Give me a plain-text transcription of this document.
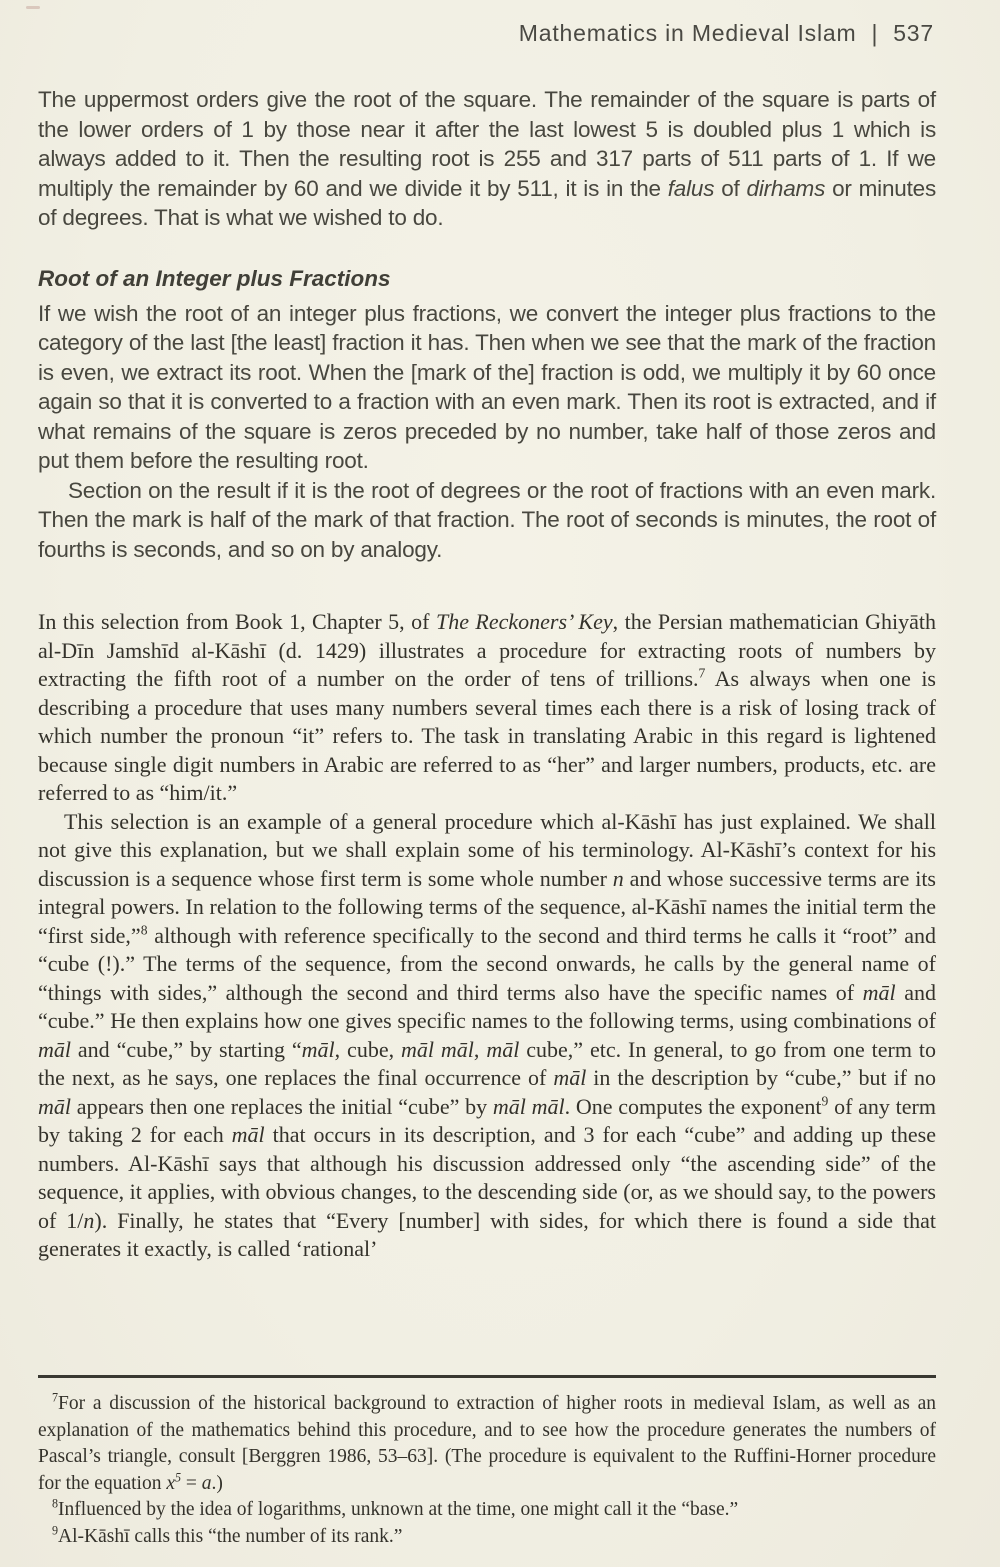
Mathematics in Medieval Islam | 537

The uppermost orders give the root of the square. The remainder of the square is parts of the lower orders of 1 by those near it after the last lowest 5 is doubled plus 1 which is always added to it. Then the resulting root is 255 and 317 parts of 511 parts of 1. If we multiply the remainder by 60 and we divide it by 511, it is in the falus of dirhams or minutes of degrees. That is what we wished to do.

Root of an Integer plus Fractions

If we wish the root of an integer plus fractions, we convert the integer plus fractions to the category of the last [the least] fraction it has. Then when we see that the mark of the fraction is even, we extract its root. When the [mark of the] fraction is odd, we multiply it by 60 once again so that it is converted to a fraction with an even mark. Then its root is extracted, and if what remains of the square is zeros preceded by no number, take half of those zeros and put them before the resulting root.

Section on the result if it is the root of degrees or the root of fractions with an even mark. Then the mark is half of the mark of that fraction. The root of seconds is minutes, the root of fourths is seconds, and so on by analogy.

In this selection from Book 1, Chapter 5, of The Reckoners’ Key, the Persian mathematician Ghiyāth al-Dīn Jamshīd al-Kāshī (d. 1429) illustrates a procedure for extracting roots of numbers by extracting the fifth root of a number on the order of tens of trillions.$^7$ As always when one is describing a procedure that uses many numbers several times each there is a risk of losing track of which number the pronoun “it” refers to. The task in translating Arabic in this regard is lightened because single digit numbers in Arabic are referred to as “her” and larger numbers, products, etc. are referred to as “him/it.”

This selection is an example of a general procedure which al-Kāshī has just explained. We shall not give this explanation, but we shall explain some of his terminology. Al-Kāshī’s context for his discussion is a sequence whose first term is some whole number n and whose successive terms are its integral powers. In relation to the following terms of the sequence, al-Kāshī names the initial term the “first side,”$^8$ although with reference specifically to the second and third terms he calls it “root” and “cube (!).” The terms of the sequence, from the second onwards, he calls by the general name of “things with sides,” although the second and third terms also have the specific names of māl and “cube.” He then explains how one gives specific names to the following terms, using combinations of māl and “cube,” by starting “māl, cube, māl māl, māl cube,” etc. In general, to go from one term to the next, as he says, one replaces the final occurrence of māl in the description by “cube,” but if no māl appears then one replaces the initial “cube” by māl māl. One computes the exponent$^9$ of any term by taking 2 for each māl that occurs in its description, and 3 for each “cube” and adding up these numbers. Al-Kāshī says that although his discussion addressed only “the ascending side” of the sequence, it applies, with obvious changes, to the descending side (or, as we should say, to the powers of 1/n). Finally, he states that “Every [number] with sides, for which there is found a side that generates it exactly, is called ‘rational’

$^7$For a discussion of the historical background to extraction of higher roots in medieval Islam, as well as an explanation of the mathematics behind this procedure, and to see how the procedure generates the numbers of Pascal’s triangle, consult [Berggren 1986, 53–63]. (The procedure is equivalent to the Ruffini-Horner procedure for the equation $x^5 = a$.)

$^8$Influenced by the idea of logarithms, unknown at the time, one might call it the “base.”

$^9$Al-Kāshī calls this “the number of its rank.”
